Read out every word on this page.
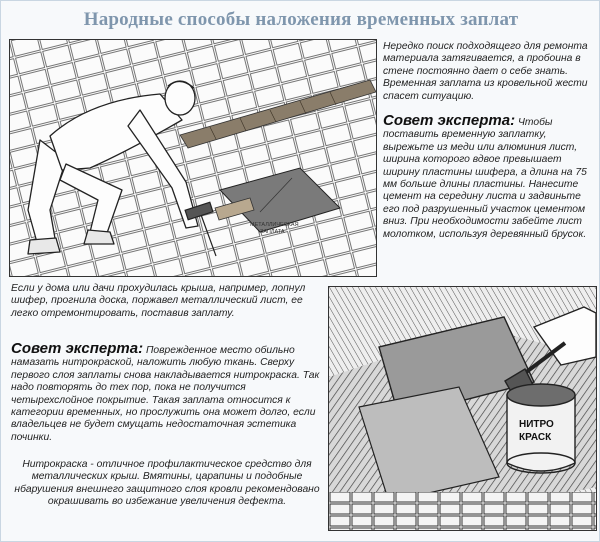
Народные способы наложения временных заплат
МЕТАЛЛИЧЕСКАЯ
ЗАПЛАТА
Нередко поиск подходящего для ремонта материала затягивается, а пробоина в стене постоянно дает о себе знать. Временная заплата из кровельной жести спасет ситуацию.
Совет эксперта: Чтобы поставить временную заплатку, вырежьте из меди или алюминия лист, ширина которого вдвое превышает ширину пластины шифера, а длина на 75 мм больше длины пластины. Нанесите цемент на середину листа и задвиньте его под разрушенный участок цементом вниз. При необходимости забейте лист молотком, используя деревянный брусок.
Если у дома или дачи прохудилась крыша, например, лопнул шифер, прогнила доска, поржавел металлический лист, ее легко отремонтировать, поставив заплату.
Совет эксперта: Поврежденное место обильно намазать нитрокраской, наложить любую ткань. Сверху первого слоя заплаты снова накладывается нитрокраска. Так надо повторять до тех пор, пока не получится четырехслойное покрытие. Такая заплата относится к категории временных, но прослужить она может долго, если владельцев не будет смущать недостаточная эстетика починки.
Нитрокраска - отличное профилактическое средство для металлических крыш. Вмятины, царапины и подобные нбарушения внешнего защитного слоя кровли рекомендовано окрашивать во избежание увеличения дефекта.
НИТРО
КРАСК
